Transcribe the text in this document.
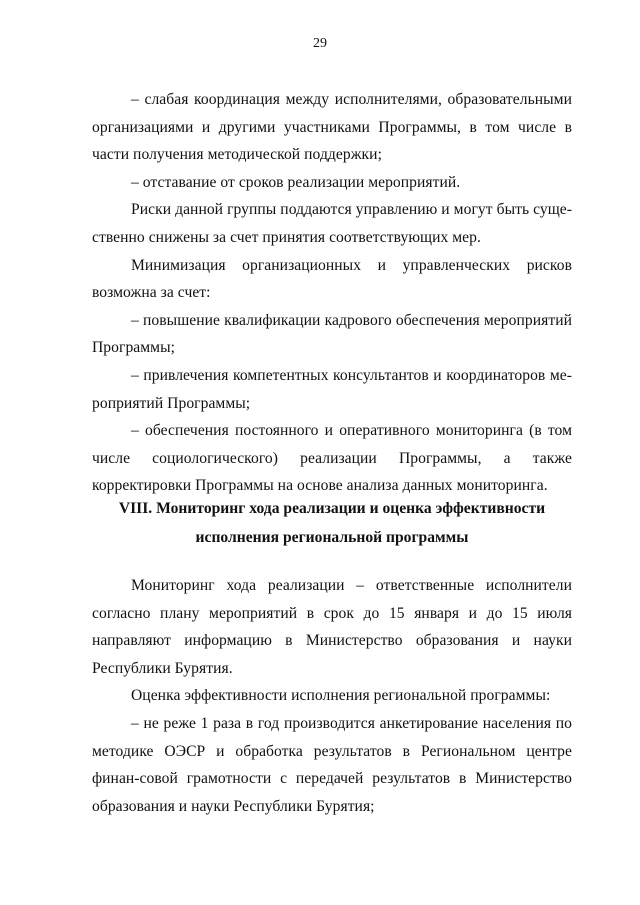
29

– слабая координация между исполнителями, образовательными организациями и другими участниками Программы, в том числе в части получения методической поддержки;

– отставание от сроков реализации мероприятий.

Риски данной группы поддаются управлению и могут быть суще-ственно снижены за счет принятия соответствующих мер.

Минимизация организационных и управленческих рисков возможна за счет:

– повышение квалификации кадрового обеспечения мероприятий Программы;

– привлечения компетентных консультантов и координаторов ме-роприятий Программы;

– обеспечения постоянного и оперативного мониторинга (в том числе социологического) реализации Программы, а также корректировки Программы на основе анализа данных мониторинга.

VIII. Мониторинг хода реализации и оценка эффективности
исполнения региональной программы

Мониторинг хода реализации – ответственные исполнители согласно плану мероприятий в срок до 15 января и до 15 июля направляют информацию в Министерство образования и науки Республики Бурятия.

Оценка эффективности исполнения региональной программы:

– не реже 1 раза в год производится анкетирование населения по методике ОЭСР и обработка результатов в Региональном центре финан-совой грамотности с передачей результатов в Министерство образования и науки Республики Бурятия;
